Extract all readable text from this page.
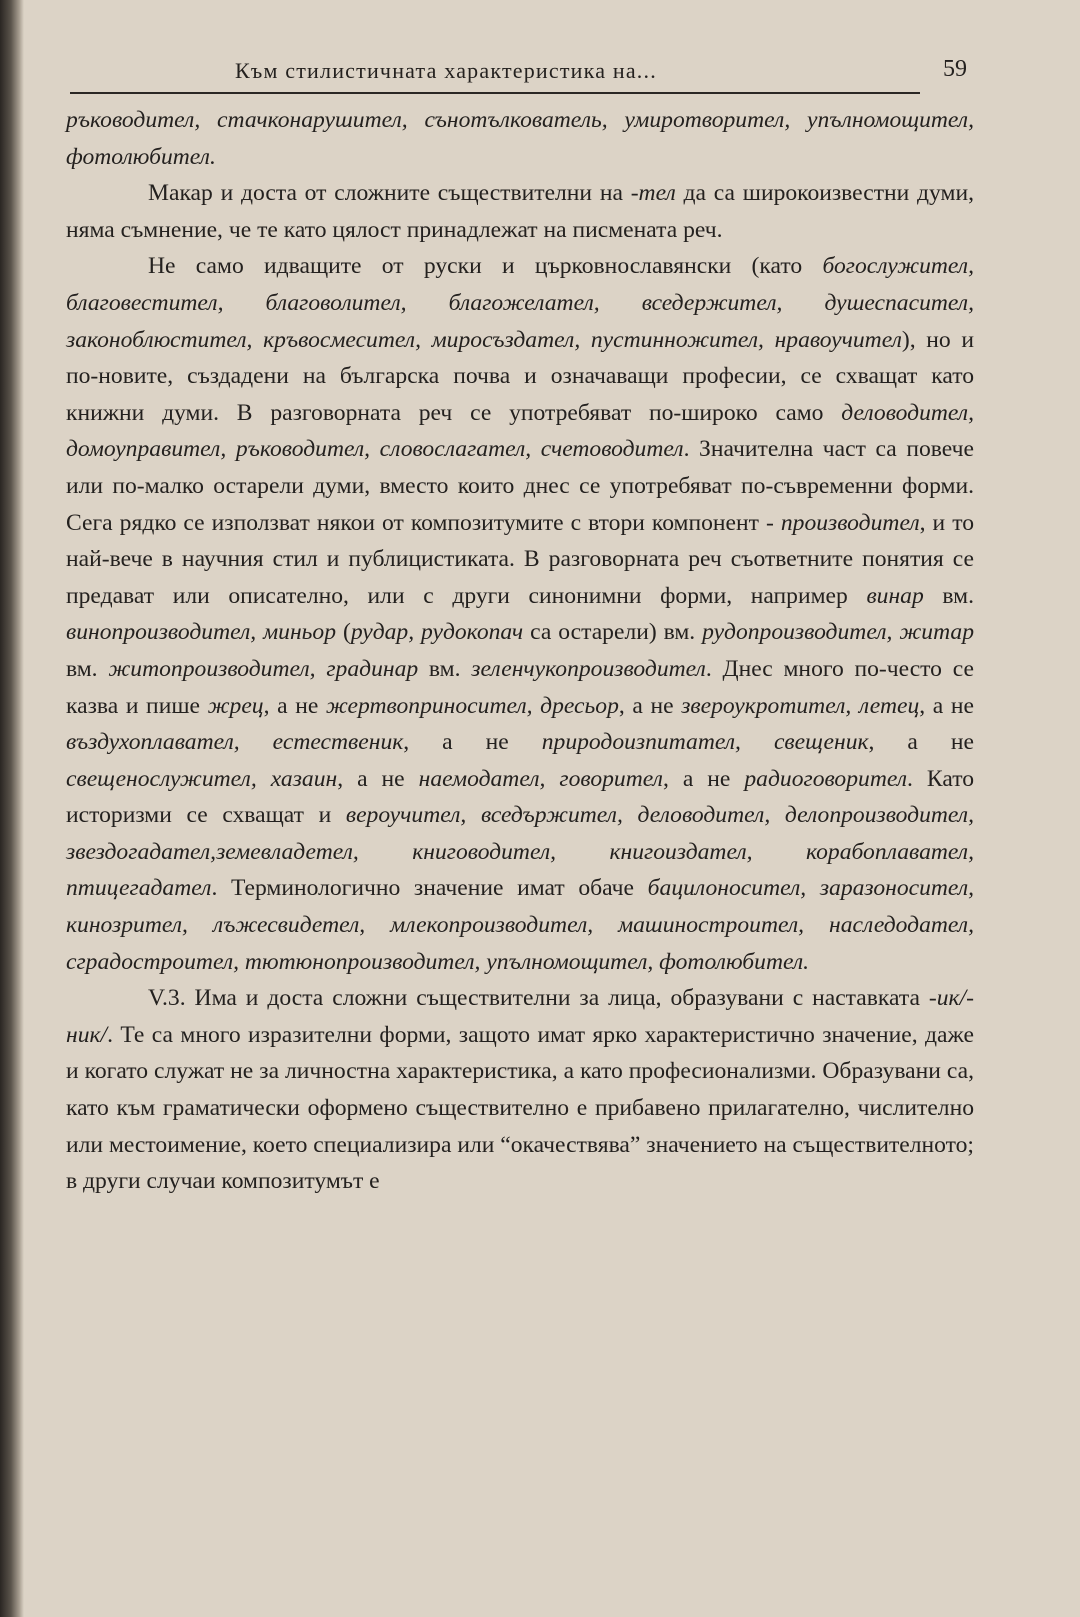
Към стилистичната характеристика на...	59

ръководител, стачконарушител, сънотълкователь, умиротворител, упълномощител, фотолюбител.

Макар и доста от сложните съществителни на -тел да са широкоизвестни думи, няма съмнение, че те като цялост принадлежат на писмената реч.

Не само идващите от руски и църковнославянски (като богослужител, благовестител, благоволител, благожелател, вседержител, душеспасител, законоблюстител, кръвосмесител, миросъздател, пустинножител, нравоучител), но и по-новите, създадени на българска почва и означаващи професии, се схващат като книжни думи. В разговорната реч се употребяват по-широко само деловодител, домоуправител, ръководител, словослагател, счетоводител. Значителна част са повече или по-малко остарели думи, вместо които днес се употребяват по-съвременни форми. Сега рядко се използват някои от композитумите с втори компонент - производител, и то най-вече в научния стил и публицистиката. В разговорната реч съответните понятия се предават или описателно, или с други синонимни форми, например винар вм. винопроизводител, миньор (рудар, рудокопач са остарели) вм. рудопроизводител, житар вм. житопроизводител, градинар вм. зеленчукопроизводител. Днес много по-често се казва и пише жрец, а не жертвоприносител, дресьор, а не звероукротител, летец, а не въздухоплавател, естественик, а не природоизпитател, свещеник, а не свещенослужител, хазаин, а не наемодател, говорител, а не радиоговорител. Като историзми се схващат и вероучител, вседържител, деловодител, делопроизводител, звездогадател,земевладетел, книговодител, книгоиздател, корабоплавател, птицегадател. Терминологично значение имат обаче бацилоносител, заразоносител, кинозрител, лъжесвидетел, млекопроизводител, машиностроител, наследодател, сградостроител, тютюнопроизводител, упълномощител, фотолюбител.

V.3. Има и доста сложни съществителни за лица, образувани с наставката -ик/-ник/. Те са много изразителни форми, защото имат ярко характеристично значение, даже и когато служат не за личностна характеристика, а като професионализми. Образувани са, като към граматически оформено съществително е прибавено прилагателно, числително или местоимение, което специализира или “окачествява” значението на съществителното; в други случаи композитумът е
